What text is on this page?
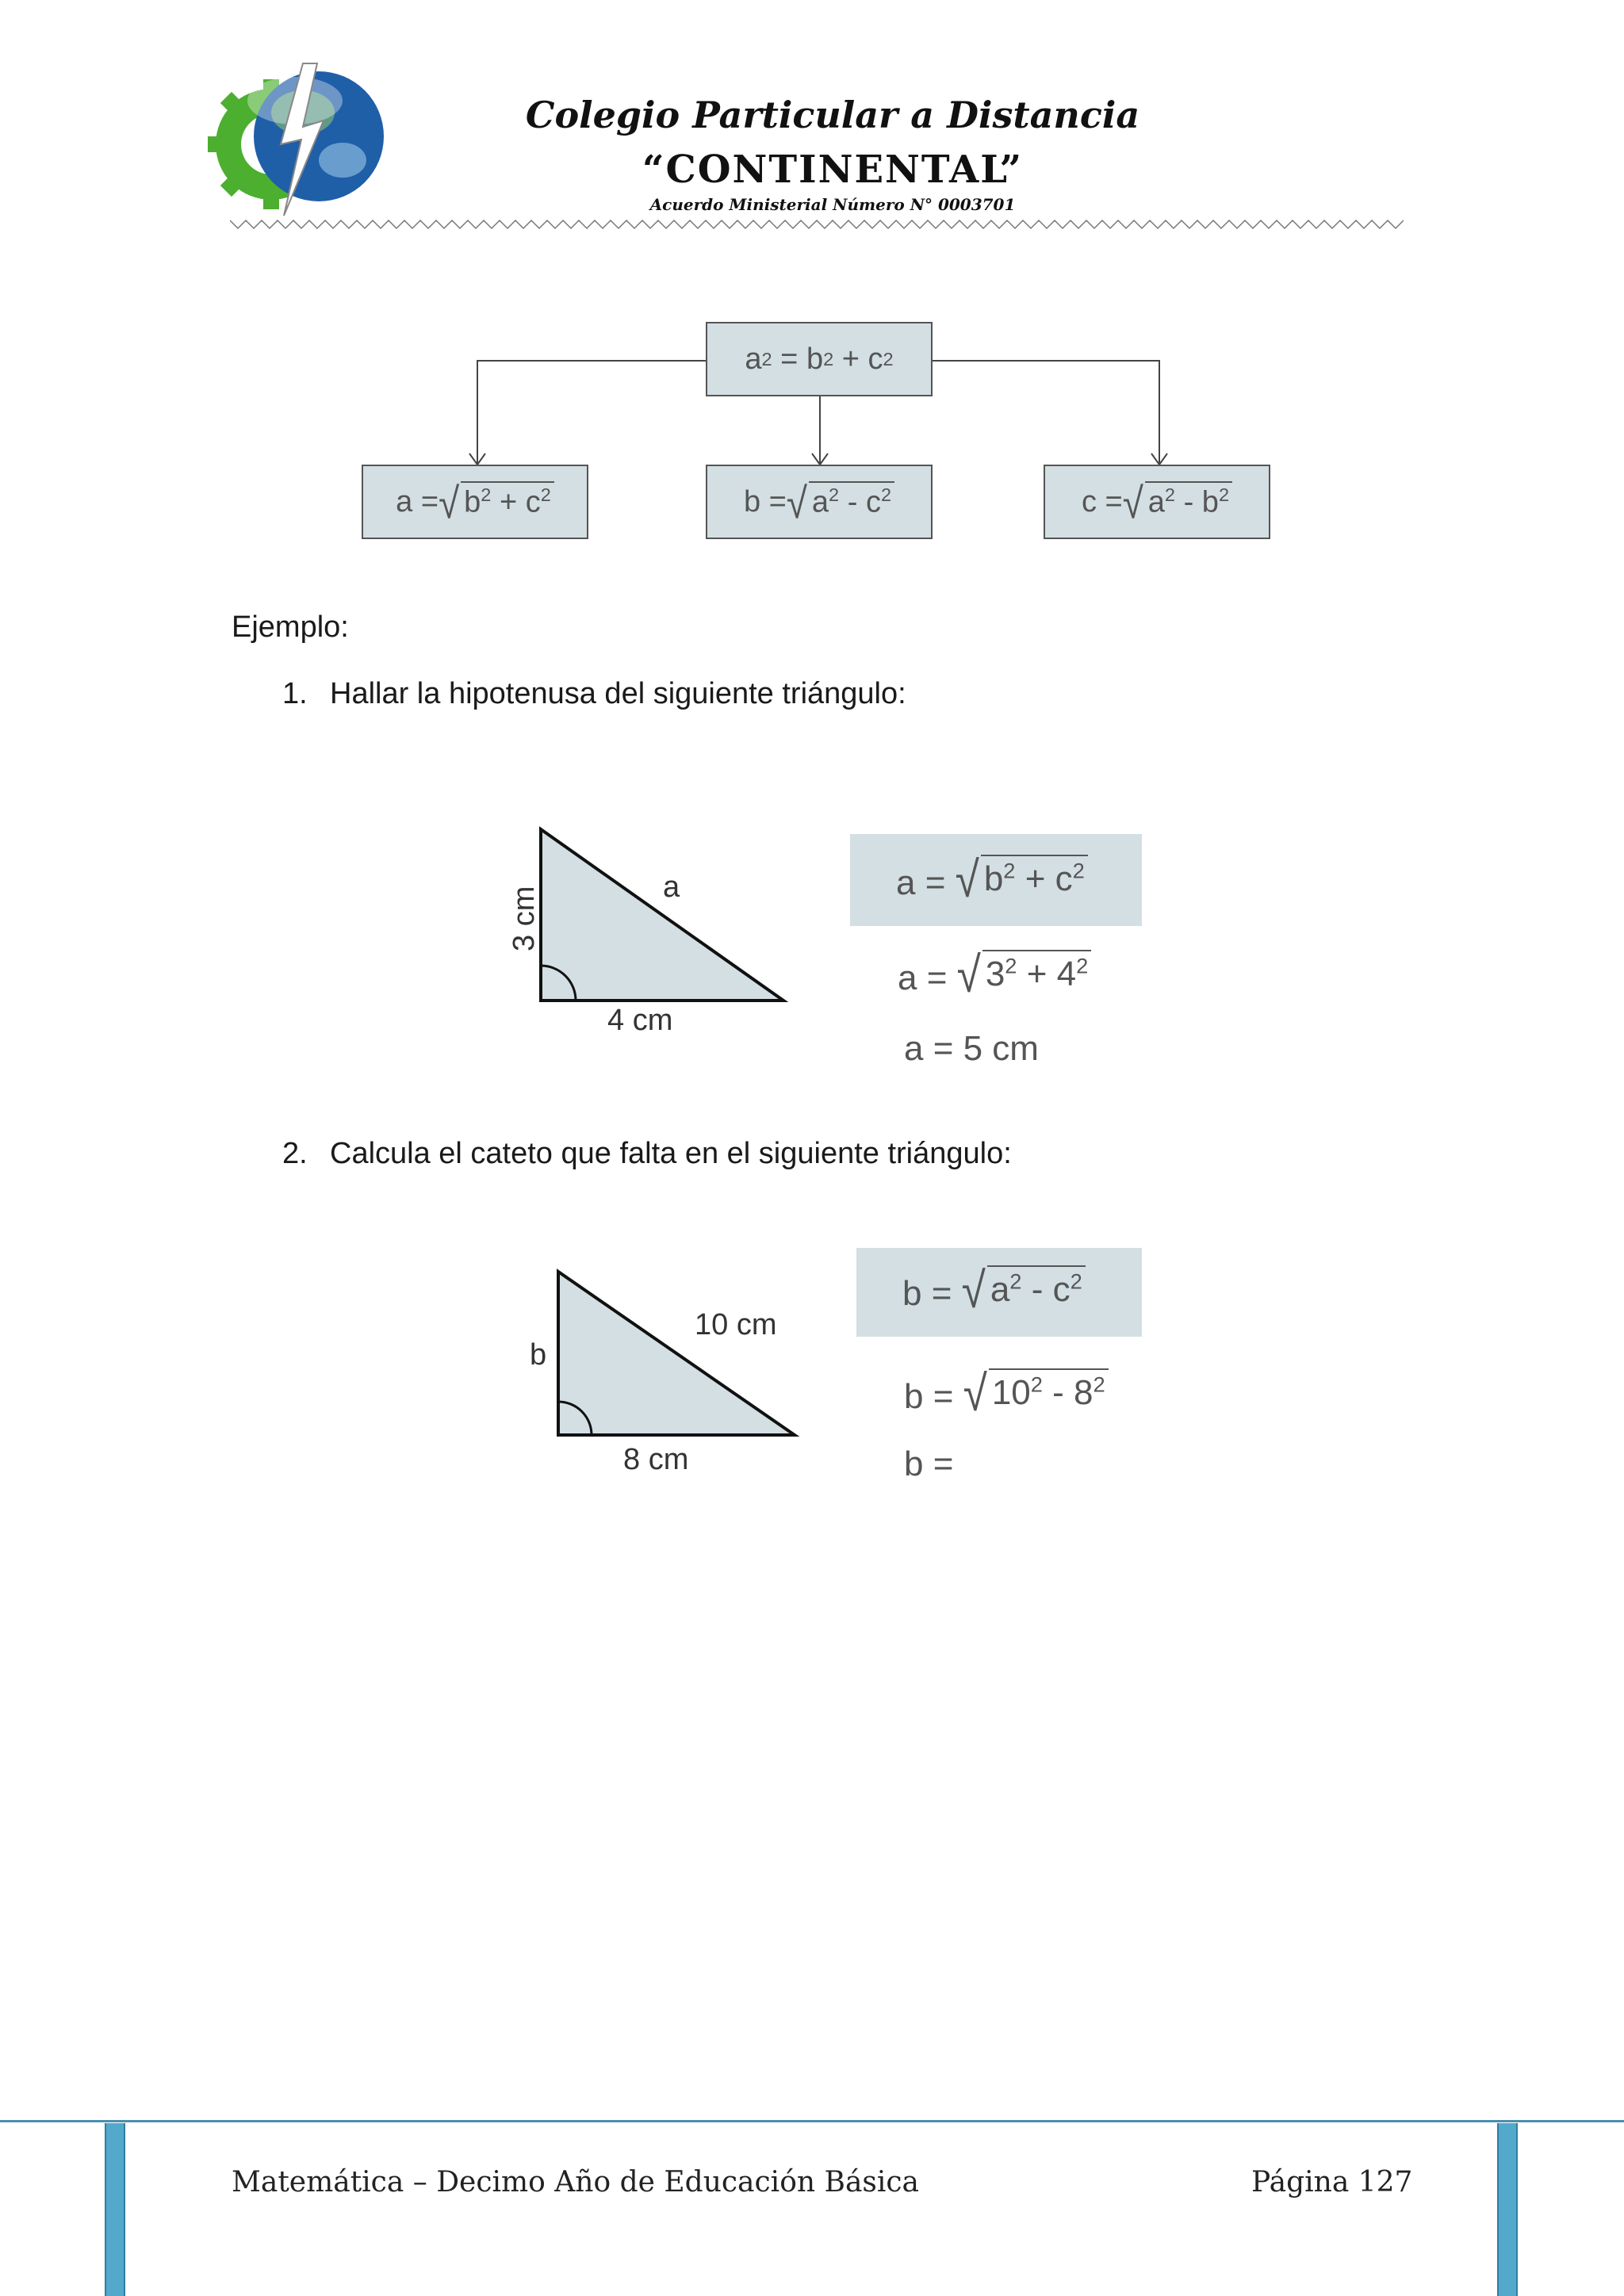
Colegio Particular a Distancia
“CONTINENTAL”
Acuerdo Ministerial Número N° 0003701
a 2 = b 2 + c 2
a = √ $b^2 + c^2$	b = √ $a^2 - c^2$	c = √ $a^2 - b^2$
Ejemplo:
1. Hallar la hipotenusa del siguiente triángulo:
3 cm
4 cm
a	a = √ $b^2 + c^2$
a = √ $3^2 + 4^2$
a = 5 cm
2. Calcula el cateto que falta en el siguiente triángulo:
b
8 cm
10 cm
b = √ $a^2 - c^2$
b = √ $10^2 - 8^2$
b =
Matemática – Decimo Año de Educación Básica	Página 127
